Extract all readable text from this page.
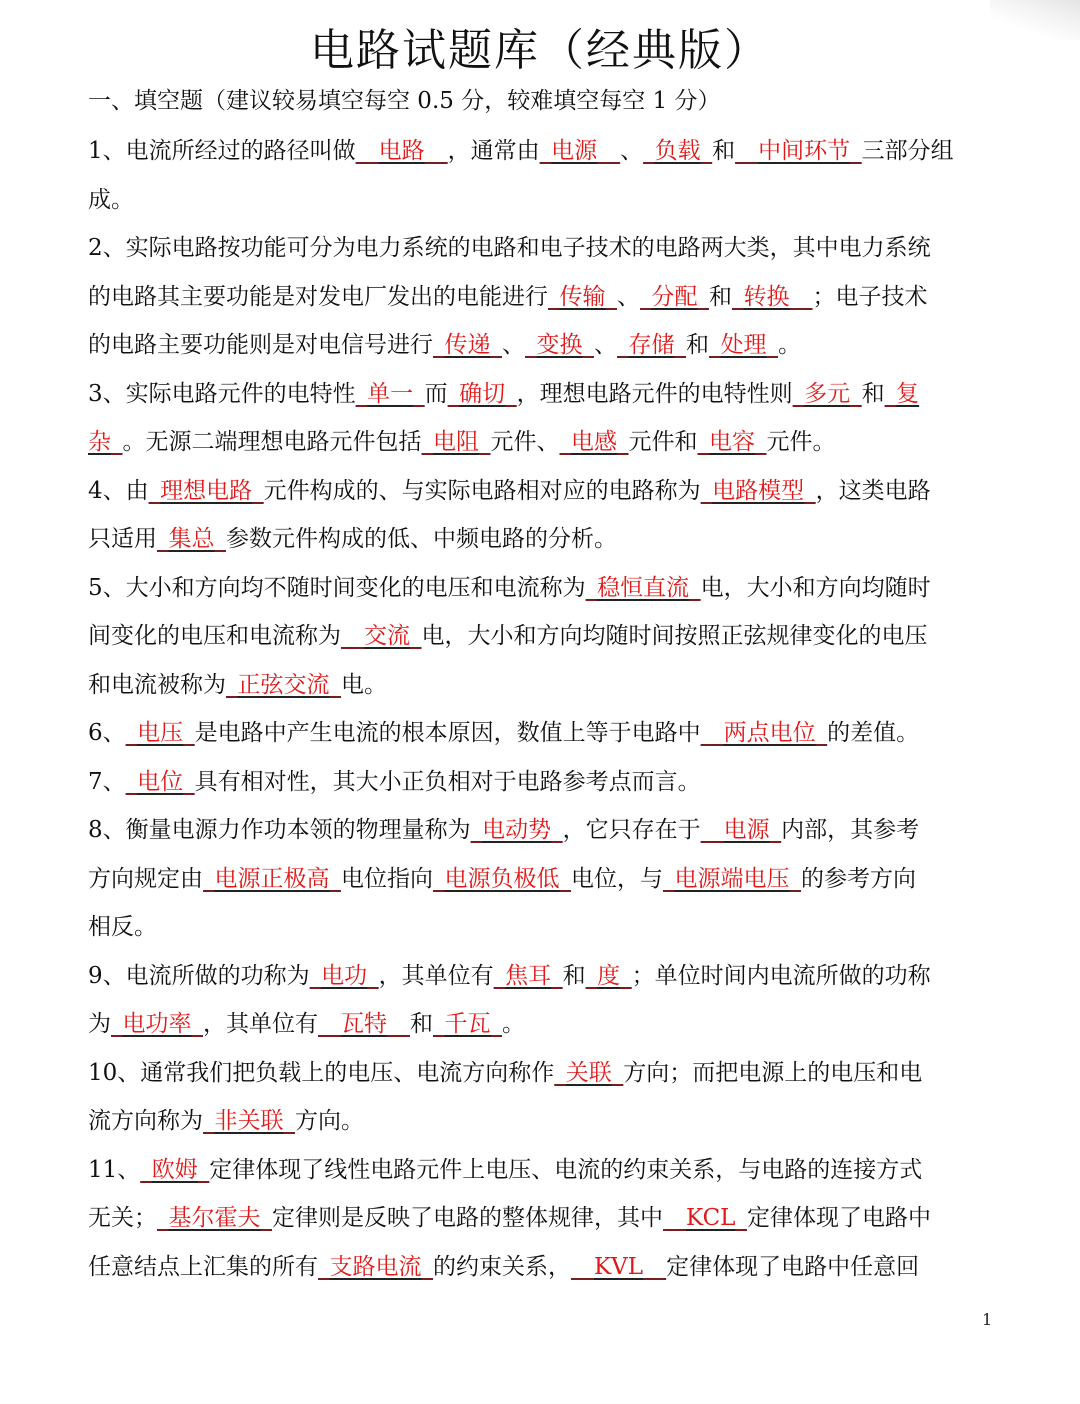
电路试题库（经典版）
一、填空题（建议较易填空每空 0.5 分，较难填空每空 1 分）
1、电流所经过的路径叫做__电路__，通常由_电源__、_负载_和__中间环节_三部分组
成。
2、实际电路按功能可分为电力系统的电路和电子技术的电路两大类，其中电力系统
的电路其主要功能是对发电厂发出的电能进行_传输_、_分配_和_转换__；电子技术
的电路主要功能则是对电信号进行_传递_、_变换_、_存储_和_处理_。
3、实际电路元件的电特性_单一_而_确切_，理想电路元件的电特性则_多元_和_复
杂_。无源二端理想电路元件包括_电阻_元件、_电感_元件和_电容_元件。
4、由_理想电路_元件构成的、与实际电路相对应的电路称为_电路模型_，这类电路
只适用_集总_参数元件构成的低、中频电路的分析。
5、大小和方向均不随时间变化的电压和电流称为_稳恒直流_电，大小和方向均随时
间变化的电压和电流称为__交流_电，大小和方向均随时间按照正弦规律变化的电压
和电流被称为_正弦交流_电。
6、_电压_是电路中产生电流的根本原因，数值上等于电路中__两点电位_的差值。
7、_电位_具有相对性，其大小正负相对于电路参考点而言。
8、衡量电源力作功本领的物理量称为_电动势_，它只存在于__电源_内部，其参考
方向规定由_电源正极高_电位指向_电源负极低_电位，与_电源端电压_的参考方向
相反。
9、电流所做的功称为_电功_，其单位有_焦耳_和_度_；单位时间内电流所做的功称
为_电功率_，其单位有__瓦特__和_千瓦_。
10、通常我们把负载上的电压、电流方向称作_关联_方向；而把电源上的电压和电
流方向称为_非关联_方向。
11、_欧姆_定律体现了线性电路元件上电压、电流的约束关系，与电路的连接方式
无关；_基尔霍夫_定律则是反映了电路的整体规律，其中__KCL_定律体现了电路中
任意结点上汇集的所有_支路电流_的约束关系，__KVL__定律体现了电路中任意回
1
